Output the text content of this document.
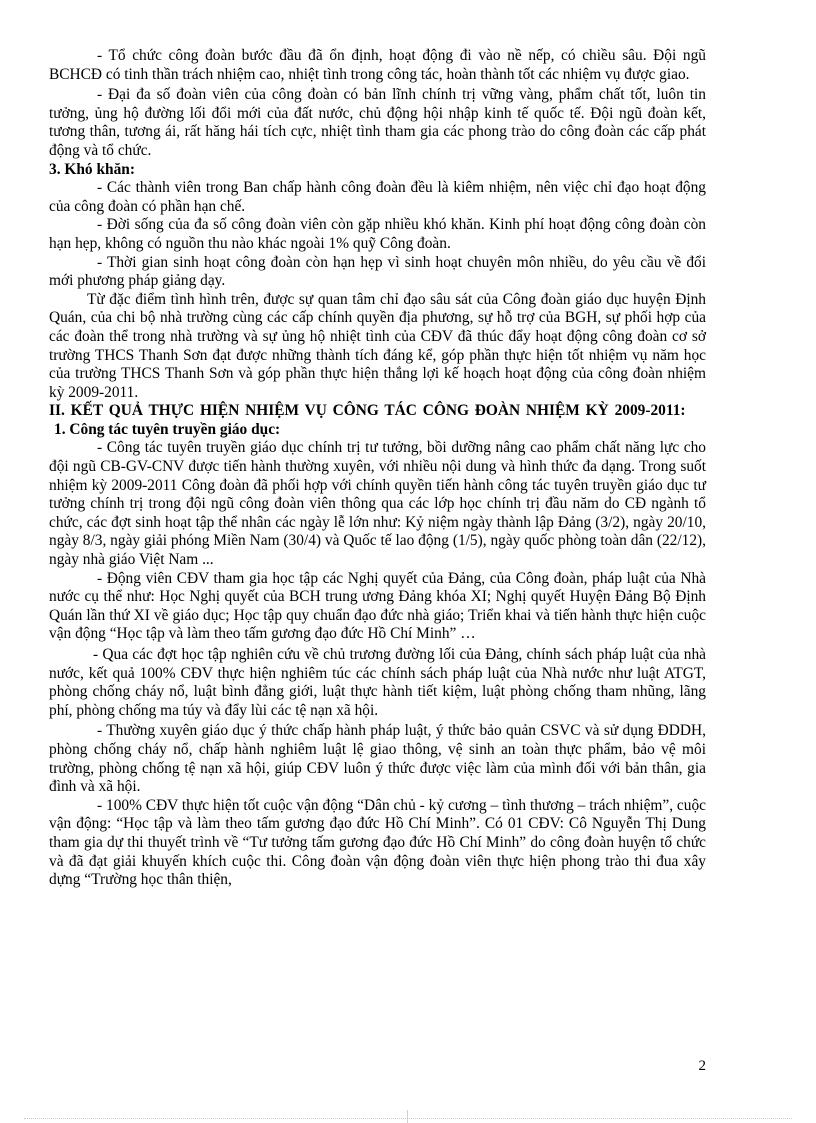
- Tổ chức công đoàn bước đầu đã ổn định, hoạt động đi vào nề nếp, có chiều sâu. Đội ngũ BCHCĐ có tinh thần trách nhiệm cao, nhiệt tình trong công tác, hoàn thành tốt các nhiệm vụ được giao.

- Đại đa số đoàn viên của công đoàn có bản lĩnh chính trị vững vàng, phẩm chất tốt, luôn tin tưởng, ủng hộ đường lối đổi mới của đất nước, chủ động hội nhập kinh tế quốc tế. Đội ngũ đoàn kết, tương thân, tương ái, rất hăng hái tích cực, nhiệt tình tham gia các phong trào do công đoàn các cấp phát động và tổ chức.

3. Khó khăn:

- Các thành viên trong Ban chấp hành công đoàn đều là kiêm nhiệm, nên việc chỉ đạo hoạt động của công đoàn có phần hạn chế.

- Đời sống của đa số công đoàn viên còn gặp nhiều khó khăn. Kinh phí hoạt động công đoàn còn hạn hẹp, không có nguồn thu nào khác ngoài 1% quỹ Công đoàn.

- Thời gian sinh hoạt công đoàn còn hạn hẹp vì sinh hoạt chuyên môn nhiều, do yêu cầu về đổi mới phương pháp giảng dạy.

Từ đặc điểm tình hình trên, được sự quan tâm chỉ đạo sâu sát của Công đoàn giáo dục huyện Định Quán, của chi bộ nhà trường cùng các cấp chính quyền địa phương, sự hỗ trợ của BGH, sự phối hợp của các đoàn thể trong nhà trường và sự ủng hộ nhiệt tình của CĐV đã thúc đẩy hoạt động công đoàn cơ sở trường THCS Thanh Sơn đạt được những thành tích đáng kể, góp phần thực hiện tốt nhiệm vụ năm học của trường THCS Thanh Sơn và góp phần thực hiện thắng lợi kế hoạch hoạt động của công đoàn nhiệm kỳ 2009-2011.

II. KẾT QUẢ THỰC HIỆN NHIỆM VỤ CÔNG TÁC CÔNG ĐOÀN NHIỆM KỲ 2009-2011:

1. Công tác tuyên truyền giáo dục:

- Công tác tuyên truyền giáo dục chính trị tư tưởng, bồi dưỡng nâng cao phẩm chất năng lực cho đội ngũ CB-GV-CNV được tiến hành thường xuyên, với nhiều nội dung và hình thức đa dạng. Trong suốt nhiệm kỳ 2009-2011 Công đoàn đã phối hợp với chính quyền tiến hành công tác tuyên truyền giáo dục tư tưởng chính trị trong đội ngũ công đoàn viên thông qua các lớp học chính trị đầu năm do CĐ ngành tổ chức, các đợt sinh hoạt tập thể nhân các ngày lễ lớn như: Kỷ niệm ngày thành lập Đảng (3/2), ngày 20/10, ngày 8/3, ngày giải phóng Miền Nam (30/4) và Quốc tế lao động (1/5), ngày quốc phòng toàn dân (22/12), ngày nhà giáo Việt Nam ...

- Động viên CĐV tham gia học tập các Nghị quyết của Đảng, của Công đoàn, pháp luật của Nhà nước cụ thể như: Học Nghị quyết của BCH trung ương Đảng khóa XI; Nghị quyết Huyện Đảng Bộ Định Quán lần thứ XI về giáo dục; Học tập quy chuẩn đạo đức nhà giáo; Triển khai và tiến hành thực hiện cuộc vận động “Học tập và làm theo tấm gương đạo đức Hồ Chí Minh” …

- Qua các đợt học tập nghiên cứu về chủ trương đường lối của Đảng, chính sách pháp luật của nhà nước, kết quả 100% CĐV thực hiện nghiêm túc các chính sách pháp luật của Nhà nước như luật ATGT, phòng chống cháy nổ, luật bình đẳng giới, luật thực hành tiết kiệm, luật phòng chống tham nhũng, lãng phí, phòng chống ma túy và đẩy lùi các tệ nạn xã hội.

- Thường xuyên giáo dục ý thức chấp hành pháp luật, ý thức bảo quản CSVC và sử dụng ĐDDH, phòng chống cháy nổ, chấp hành nghiêm luật lệ giao thông, vệ sinh an toàn thực phẩm, bảo vệ môi trường, phòng chống tệ nạn xã hội, giúp CĐV luôn ý thức được việc làm của mình đối với bản thân, gia đình và xã hội.

- 100% CĐV thực hiện tốt cuộc vận động “Dân chủ - kỷ cương – tình thương – trách nhiệm”, cuộc vận động: “Học tập và làm theo tấm gương đạo đức Hồ Chí Minh”. Có 01 CĐV: Cô Nguyễn Thị Dung tham gia dự thi thuyết trình về “Tư tưởng tấm gương đạo đức Hồ Chí Minh” do công đoàn huyện tổ chức và đã đạt giải khuyến khích cuộc thi. Công đoàn vận động đoàn viên thực hiện phong trào thi đua xây dựng “Trường học thân thiện,

2
